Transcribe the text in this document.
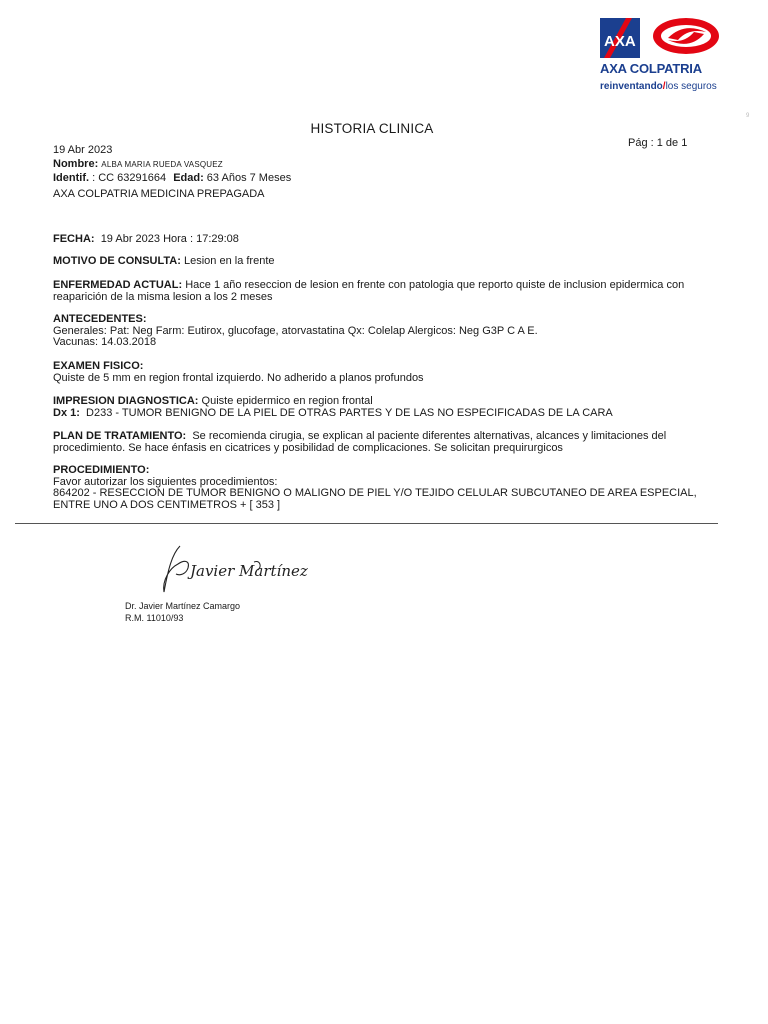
AXA
AXA COLPATRIA
reinventando/los seguros
9
HISTORIA CLINICA
Pág : 1 de 1
19 Abr 2023
Nombre: ALBA MARIA RUEDA VASQUEZ
Identif. : CC 63291664 Edad: 63 Años 7 Meses
AXA COLPATRIA MEDICINA PREPAGADA
FECHA: 19 Abr 2023 Hora : 17:29:08
MOTIVO DE CONSULTA: Lesion en la frente
ENFERMEDAD ACTUAL: Hace 1 año reseccion de lesion en frente con patologia que reporto quiste de inclusion epidermica con reaparición de la misma lesion a los 2 meses
ANTECEDENTES:
Generales: Pat: Neg Farm: Eutirox, glucofage, atorvastatina Qx: Colelap Alergicos: Neg G3P C A E.
Vacunas: 14.03.2018
EXAMEN FISICO:
Quiste de 5 mm en region frontal izquierdo. No adherido a planos profundos
IMPRESION DIAGNOSTICA: Quiste epidermico en region frontal
Dx 1: D233 - TUMOR BENIGNO DE LA PIEL DE OTRAS PARTES Y DE LAS NO ESPECIFICADAS DE LA CARA
PLAN DE TRATAMIENTO: Se recomienda cirugia, se explican al paciente diferentes alternativas, alcances y limitaciones del procedimiento. Se hace énfasis en cicatrices y posibilidad de complicaciones. Se solicitan prequirurgicos
PROCEDIMIENTO:
Favor autorizar los siguientes procedimientos:
864202 - RESECCION DE TUMOR BENIGNO O MALIGNO DE PIEL Y/O TEJIDO CELULAR SUBCUTANEO DE AREA ESPECIAL, ENTRE UNO A DOS CENTIMETROS + [ 353 ]
Javier Martínez
Dr. Javier Martínez Camargo
R.M. 11010/93
